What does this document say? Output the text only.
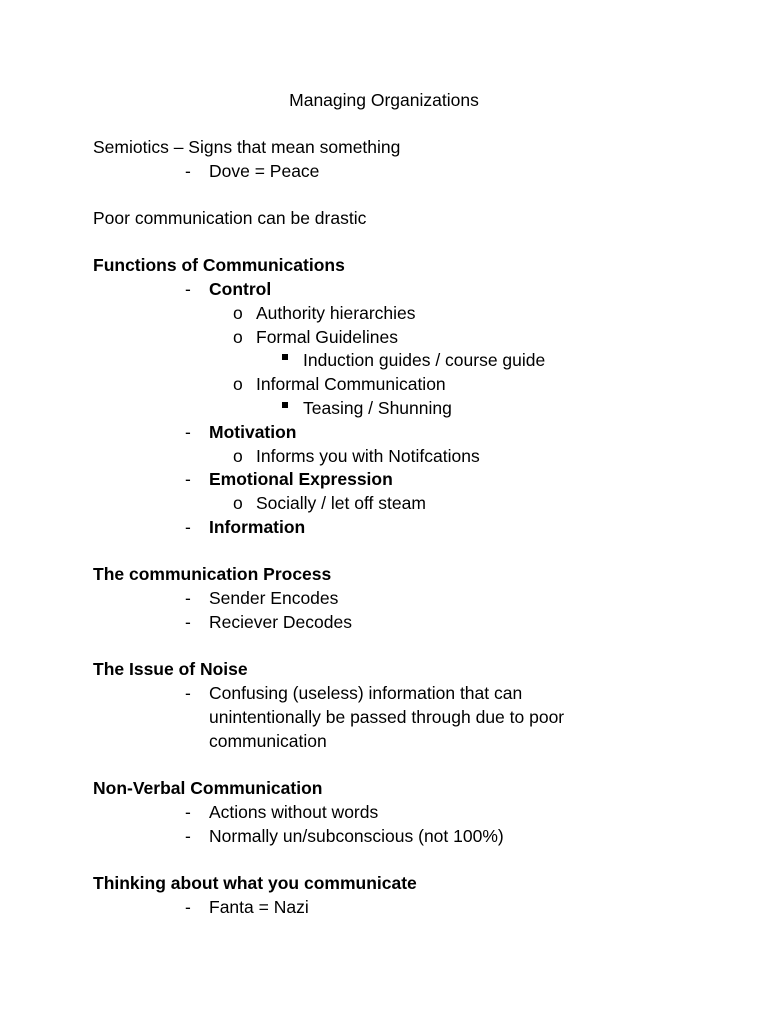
Managing Organizations
Semiotics – Signs that mean something
- Dove = Peace
Poor communication can be drastic
Functions of Communications
- Control
o Authority hierarchies
o Formal Guidelines
Induction guides / course guide
o Informal Communication
Teasing / Shunning
- Motivation
o Informs you with Notifcations
- Emotional Expression
o Socially / let off steam
- Information
The communication Process
- Sender Encodes
- Reciever Decodes
The Issue of Noise
- Confusing (useless) information that can
unintentionally be passed through due to poor
communication
Non-Verbal Communication
- Actions without words
- Normally un/subconscious (not 100%)
Thinking about what you communicate
- Fanta = Nazi
